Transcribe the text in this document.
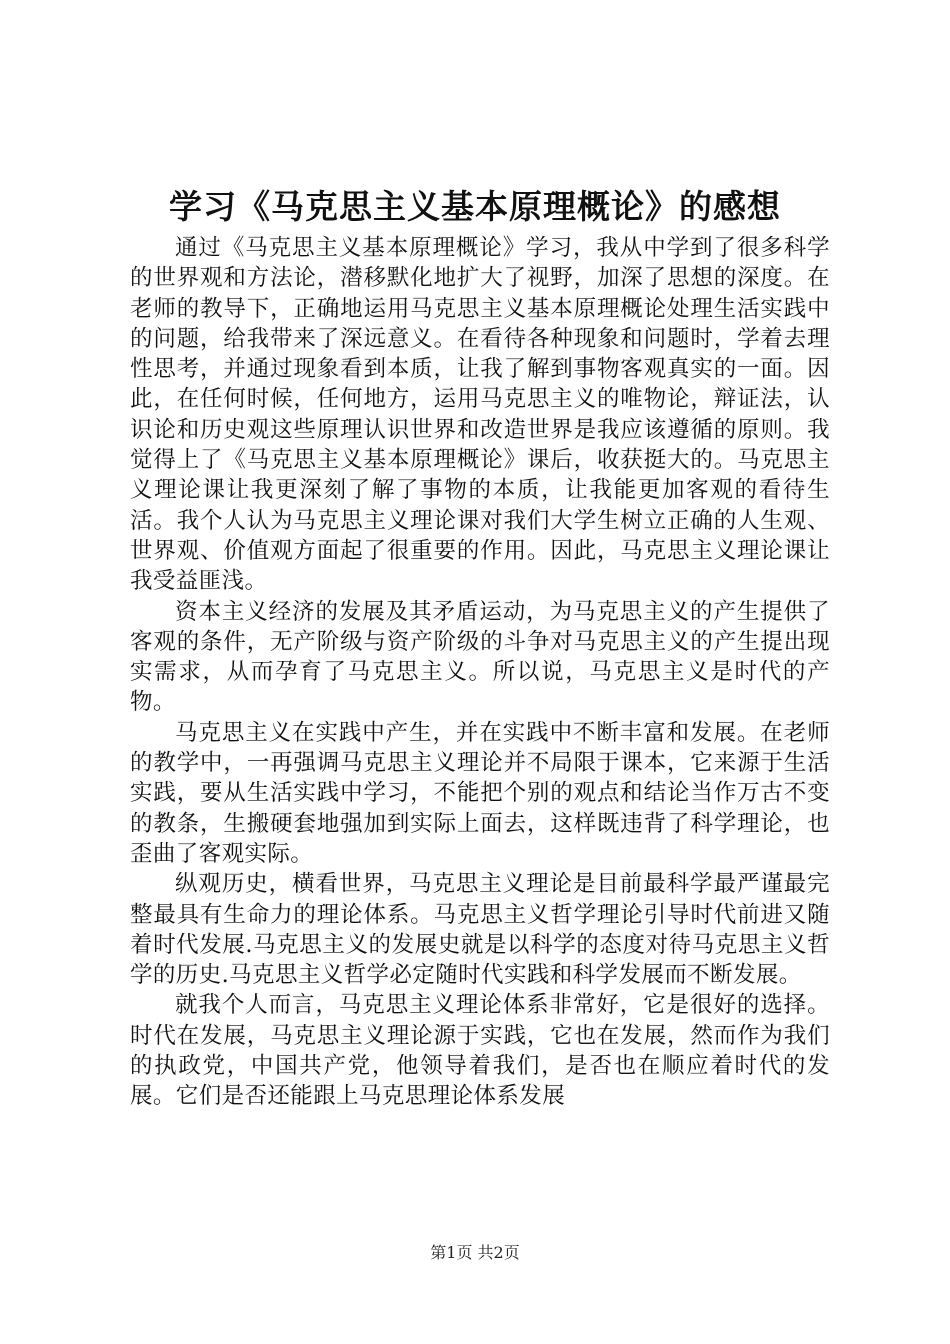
学习《马克思主义基本原理概论》的感想

通过《马克思主义基本原理概论》学习，我从中学到了很多科学的世界观和方法论，潜移默化地扩大了视野，加深了思想的深度。在老师的教导下，正确地运用马克思主义基本原理概论处理生活实践中的问题，给我带来了深远意义。在看待各种现象和问题时，学着去理性思考，并通过现象看到本质，让我了解到事物客观真实的一面。因此，在任何时候，任何地方，运用马克思主义的唯物论，辩证法，认识论和历史观这些原理认识世界和改造世界是我应该遵循的原则。我觉得上了《马克思主义基本原理概论》课后，收获挺大的。马克思主义理论课让我更深刻了解了事物的本质，让我能更加客观的看待生活。我个人认为马克思主义理论课对我们大学生树立正确的人生观、世界观、价值观方面起了很重要的作用。因此，马克思主义理论课让我受益匪浅。

资本主义经济的发展及其矛盾运动，为马克思主义的产生提供了客观的条件，无产阶级与资产阶级的斗争对马克思主义的产生提出现实需求，从而孕育了马克思主义。所以说，马克思主义是时代的产物。

马克思主义在实践中产生，并在实践中不断丰富和发展。在老师的教学中，一再强调马克思主义理论并不局限于课本，它来源于生活实践，要从生活实践中学习，不能把个别的观点和结论当作万古不变的教条，生搬硬套地强加到实际上面去，这样既违背了科学理论，也歪曲了客观实际。

纵观历史，横看世界，马克思主义理论是目前最科学最严谨最完整最具有生命力的理论体系。马克思主义哲学理论引导时代前进又随着时代发展.马克思主义的发展史就是以科学的态度对待马克思主义哲学的历史.马克思主义哲学必定随时代实践和科学发展而不断发展。

就我个人而言，马克思主义理论体系非常好，它是很好的选择。时代在发展，马克思主义理论源于实践，它也在发展，然而作为我们的执政党，中国共产党，他领导着我们，是否也在顺应着时代的发展。它们是否还能跟上马克思理论体系发展

第1页 共2页
